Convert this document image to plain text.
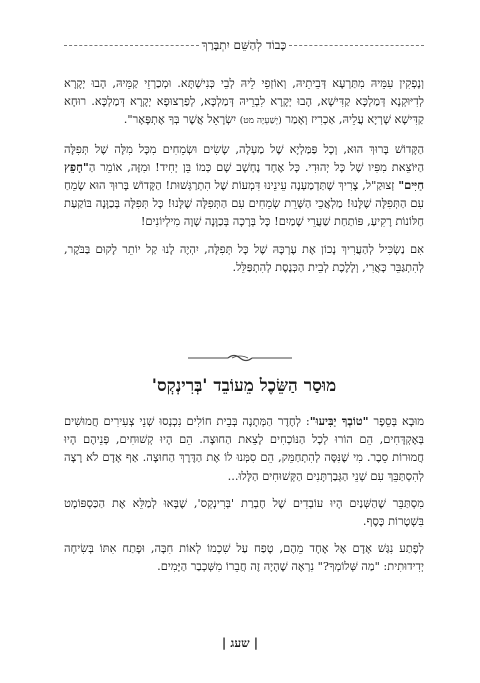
כָּבוֹד לְהַשֵּׁם יִתְבָּרַךְ

וְנָפְקִין עִמֵּיהּ מִתַּרְעָא דְּבֵיתֵיהּ, וְאוֹזְפֵי לֵיהּ לְבֵי כְּנִישְׁתָּא. וּמְכַרְזֵי קַמֵּיהּ, הָבוּ יְקָרָא לְדִיּוּקְנָא דְּמַלְכָּא קַדִּישָׁא, הָבוּ יְקָרָא לִבְרֵיהּ דְּמַלְכָּא, לְפַרְצוּפָא יְקָרָא דְּמַלְכָּא. רוּחָא קַדִּישָׁא שָׁרְיָא עֲלֵיהּ, אַכְרִיז וְאָמַר (יְשַׁעְיָה מט) יִשְׂרָאֵל אֲשֶׁר בְּךָ אֶתְפָּאָר".

הַקָּדוֹשׁ בָּרוּךְ הוּא, וְכָל פַּמַּלְיָא שֶׁל מַעְלָה, שָׂשִׂים וּשְׂמֵחִים מִכָּל מִלָּה שֶׁל תְּפִלָּה הַיּוֹצֵאת מִפִּיו שֶׁל כָּל יְהוּדִי. כָּל אֶחָד נֶחְשָׁב שָׁם כְּמוֹ בֵּן יְחִיד! וּמִזֶּה, אוֹמֵר הַ"חָפֵץ חַיִּים" זְצוּקַ"ל, צָרִיךְ שֶׁתַּדְמַעְנָה עֵינֵינוּ דִּמְעוֹת שֶׁל הִתְרַגְּשׁוּת! הַקָּדוֹשׁ בָּרוּךְ הוּא שָׂמֵחַ עִם הַתְּפִלָּה שֶׁלָּנוּ! מַלְאֲכֵי הַשָּׁרֵת שְׂמֵחִים עִם הַתְּפִלָּה שֶׁלָּנוּ! כָּל תְּפִלָּה בְּכַוָּנָה בּוֹקַעַת חַלּוֹנוֹת רָקִיעַ, פּוֹתַחַת שַׁעֲרֵי שָׁמַיִם! כָּל בְּרָכָה בְּכַוָּנָה שָׁוָה מִילְיוֹנִים!

אִם נַשְׂכִּיל לְהַעֲרִיךְ נָכוֹן אֶת עֶרְכָּהּ שֶׁל כָּל תְּפִלָּה, יִהְיֶה לָנוּ קַל יוֹתֵר לָקוּם בַּבֹּקֶר, לְהִתְגַּבֵּר כָּאֲרִי, וְלָלֶכֶת לְבֵית הַכְּנֶסֶת לְהִתְפַּלֵּל.

מוּסַר הַשֵּׂכֶל מֵעוֹבֵד 'בְּרִינְקְס'

מוּבָא בְּסֵפֶר "טוֹבְךָ יַבִּיעוּ": לְחֶדֶר הַמְּתָנָה בְּבֵית חוֹלִים נִכְנְסוּ שְׁנֵי צְעִירִים חֲמוּשִׁים בְּאֶקְדָּחִים, הֵם הוֹרוּ לְכָל הַנּוֹכְחִים לָצֵאת הַחוּצָה. הֵם הָיוּ קְשׁוּחִים, פְּנֵיהֶם הָיוּ חֲמוּרוֹת סֵבֶר. מִי שֶׁנִּסָּה לְהִתְחַמֵּק, הֵם סִמְּנוּ לוֹ אֶת הַדֶּרֶךְ הַחוּצָה. אַף אָדָם לֹא רָצָה לְהִסְתַּבֵּךְ עִם שְׁנֵי הַגְּבַרְתָּנִים הַקְּשׁוּחִים הַלָּלוּ...

מִסְתַּבֵּר שֶׁהַשְּׁנַיִם הָיוּ עוֹבְדִים שֶׁל חֶבְרַת 'בְּרִינְקְס', שֶׁבָּאוּ לְמַלֵּא אֶת הַכַּסְפּוֹמָט בִּשְׁטָרוֹת כֶּסֶף.

לְפֶתַע נִגַּשׁ אָדָם אֶל אֶחָד מֵהֶם, טָפַח עַל שִׁכְמוֹ לְאוֹת חִבָּה, וּפָתַח אִתּוֹ בְּשִׂיחָה יְדִידוּתִית: "מַה שְּׁלוֹמְךָ?" נִרְאֶה שֶׁהָיָה זֶה חֲבֵרוֹ מִשְּׁכְבַר הַיָּמִים.

| שעג |
